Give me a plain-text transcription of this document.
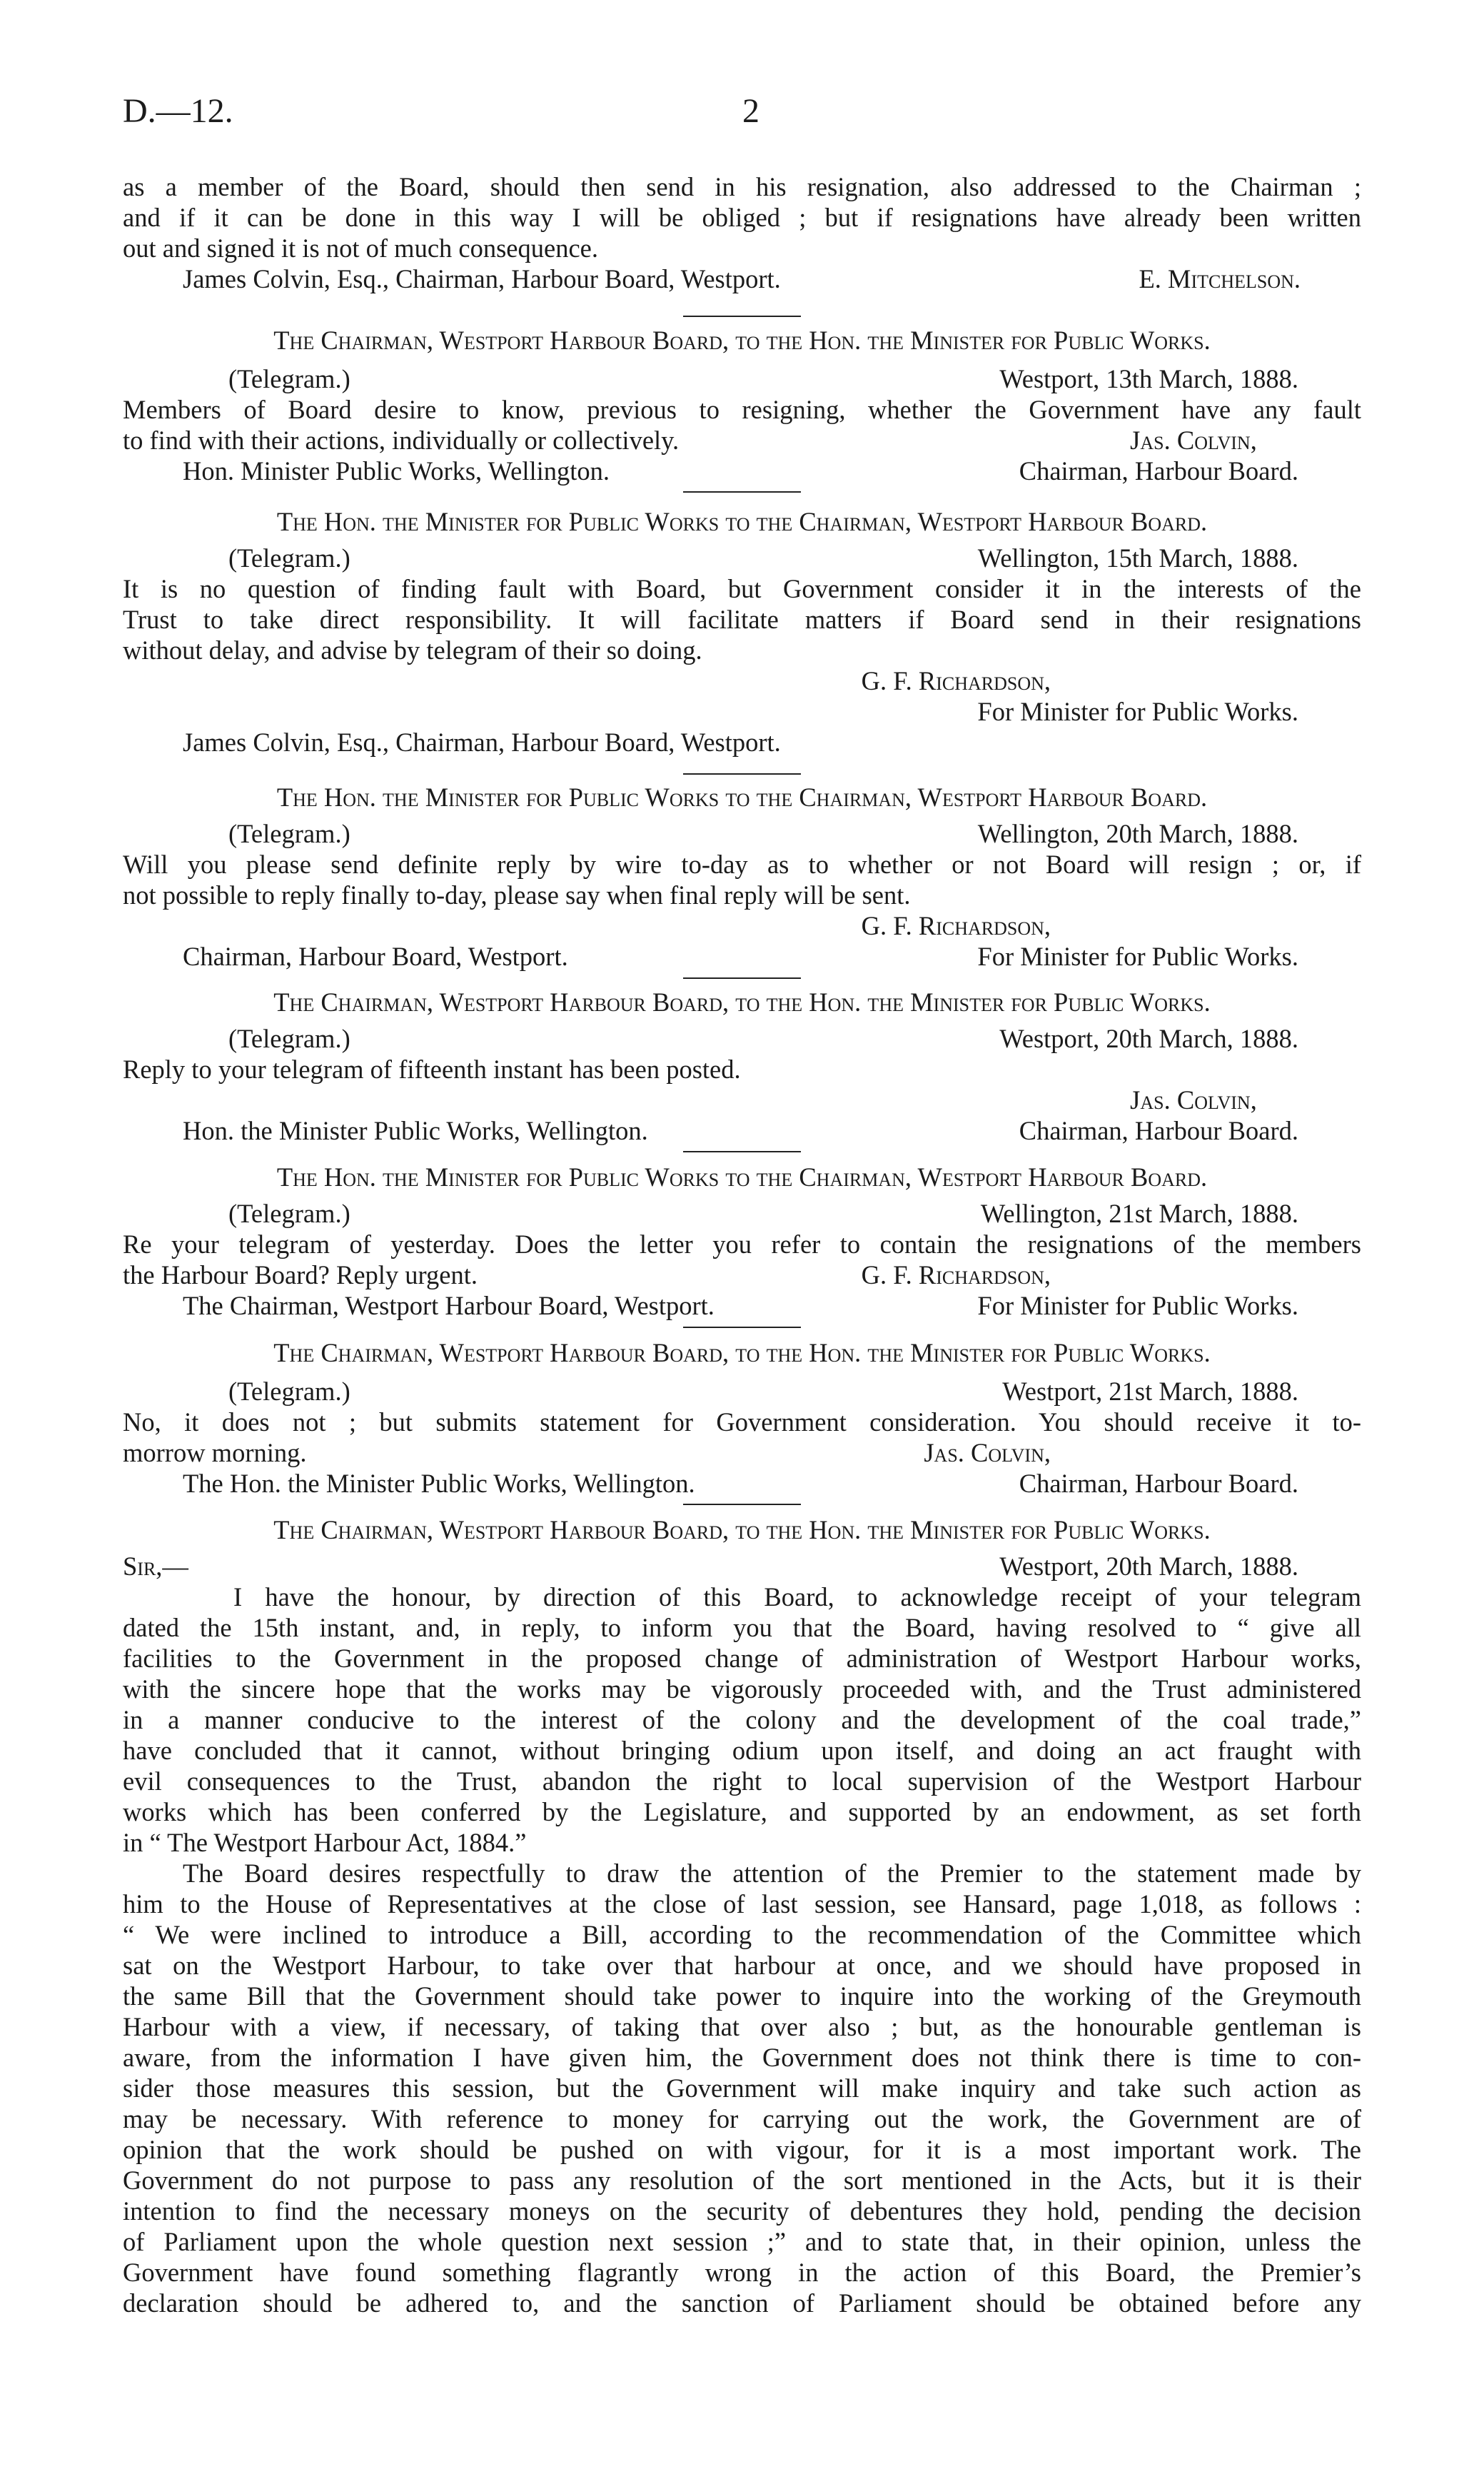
D.—12.	2
as a member of the Board, should then send in his resignation, also addressed to the Chairman ;
and if it can be done in this way I will be obliged ; but if resignations have already been written
out and signed it is not of much consequence.
James Colvin, Esq., Chairman, Harbour Board, Westport.	E. Mitchelson.
The Chairman, Westport Harbour Board, to the Hon. the Minister for Public Works.
(Telegram.)	Westport, 13th March, 1888.
Members of Board desire to know, previous to resigning, whether the Government have any fault
to find with their actions, individually or collectively.	Jas. Colvin,
Hon. Minister Public Works, Wellington.	Chairman, Harbour Board.
The Hon. the Minister for Public Works to the Chairman, Westport Harbour Board.
(Telegram.)	Wellington, 15th March, 1888.
It is no question of finding fault with Board, but Government consider it in the interests of the
Trust to take direct responsibility. It will facilitate matters if Board send in their resignations
without delay, and advise by telegram of their so doing.
G. F. Richardson,
For Minister for Public Works.
James Colvin, Esq., Chairman, Harbour Board, Westport.
The Hon. the Minister for Public Works to the Chairman, Westport Harbour Board.
(Telegram.)	Wellington, 20th March, 1888.
Will you please send definite reply by wire to-day as to whether or not Board will resign ; or, if
not possible to reply finally to-day, please say when final reply will be sent.
G. F. Richardson,
Chairman, Harbour Board, Westport.	For Minister for Public Works.
The Chairman, Westport Harbour Board, to the Hon. the Minister for Public Works.
(Telegram.)	Westport, 20th March, 1888.
Reply to your telegram of fifteenth instant has been posted.
Jas. Colvin,
Hon. the Minister Public Works, Wellington.	Chairman, Harbour Board.
The Hon. the Minister for Public Works to the Chairman, Westport Harbour Board.
(Telegram.)	Wellington, 21st March, 1888.
Re your telegram of yesterday. Does the letter you refer to contain the resignations of the members
the Harbour Board? Reply urgent.	G. F. Richardson,
The Chairman, Westport Harbour Board, Westport.	For Minister for Public Works.
The Chairman, Westport Harbour Board, to the Hon. the Minister for Public Works.
(Telegram.)	Westport, 21st March, 1888.
No, it does not ; but submits statement for Government consideration. You should receive it to-
morrow morning.	Jas. Colvin,
The Hon. the Minister Public Works, Wellington.	Chairman, Harbour Board.
The Chairman, Westport Harbour Board, to the Hon. the Minister for Public Works.
Sir,—	Westport, 20th March, 1888.
I have the honour, by direction of this Board, to acknowledge receipt of your telegram
dated the 15th instant, and, in reply, to inform you that the Board, having resolved to “ give all
facilities to the Government in the proposed change of administration of Westport Harbour works,
with the sincere hope that the works may be vigorously proceeded with, and the Trust administered
in a manner conducive to the interest of the colony and the development of the coal trade,”
have concluded that it cannot, without bringing odium upon itself, and doing an act fraught with
evil consequences to the Trust, abandon the right to local supervision of the Westport Harbour
works which has been conferred by the Legislature, and supported by an endowment, as set forth
in “ The Westport Harbour Act, 1884.”
The Board desires respectfully to draw the attention of the Premier to the statement made by
him to the House of Representatives at the close of last session, see Hansard, page 1,018, as follows :
“ We were inclined to introduce a Bill, according to the recommendation of the Committee which
sat on the Westport Harbour, to take over that harbour at once, and we should have proposed in
the same Bill that the Government should take power to inquire into the working of the Greymouth
Harbour with a view, if necessary, of taking that over also ; but, as the honourable gentleman is
aware, from the information I have given him, the Government does not think there is time to con-
sider those measures this session, but the Government will make inquiry and take such action as
may be necessary. With reference to money for carrying out the work, the Government are of
opinion that the work should be pushed on with vigour, for it is a most important work. The
Government do not purpose to pass any resolution of the sort mentioned in the Acts, but it is their
intention to find the necessary moneys on the security of debentures they hold, pending the decision
of Parliament upon the whole question next session ;” and to state that, in their opinion, unless the
Government have found something flagrantly wrong in the action of this Board, the Premier’s
declaration should be adhered to, and the sanction of Parliament should be obtained before any
